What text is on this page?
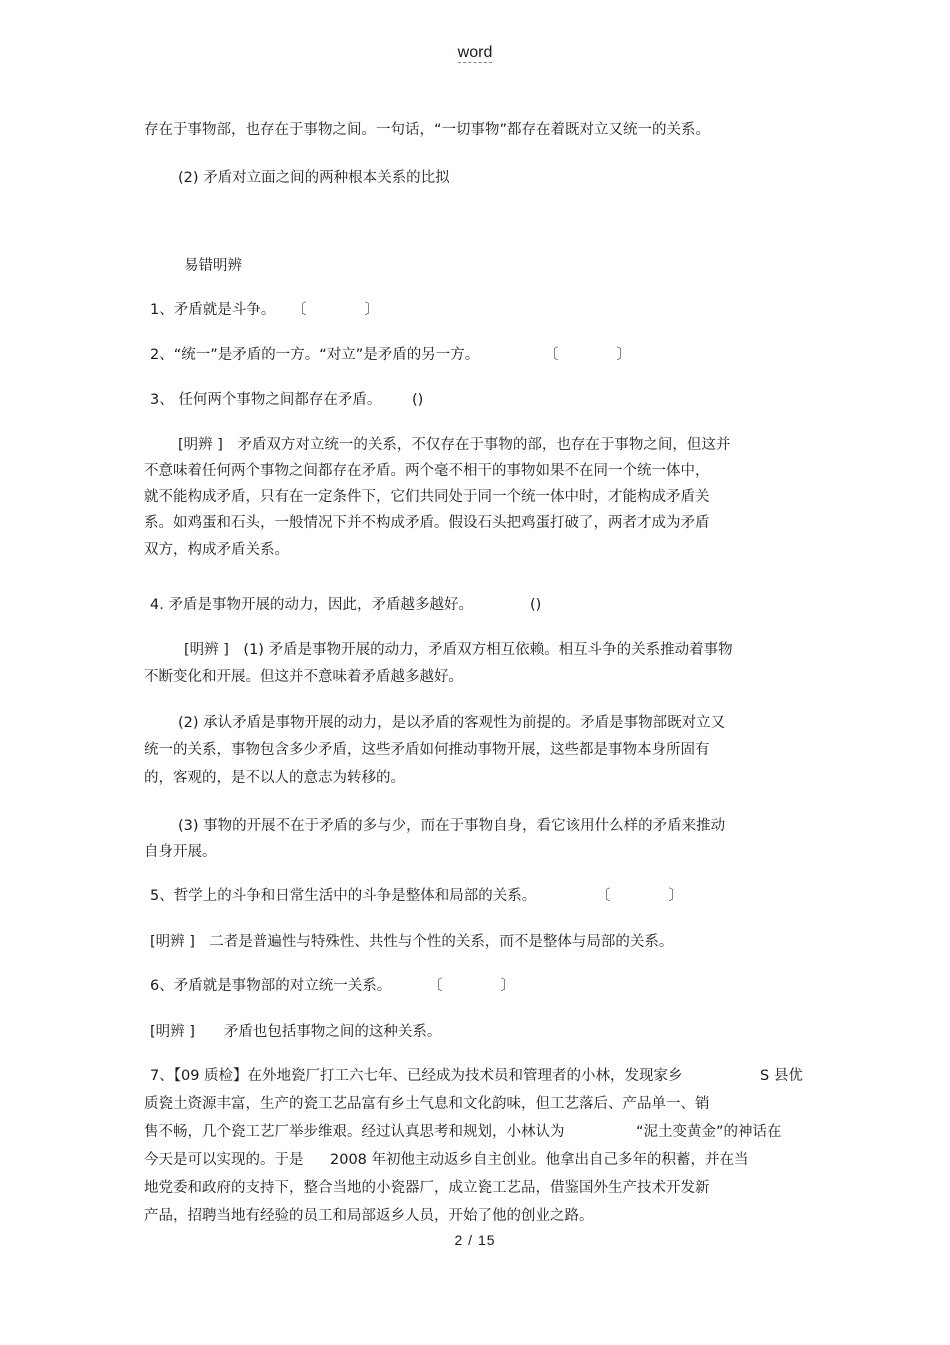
word
存在于事物部，也存在于事物之间。一句话，“一切事物”都存在着既对立又统一的关系。
(2) 矛盾对立面之间的两种根本关系的比拟
易错明辨
1、矛盾就是斗争。 〔　　　　〕
2、“统一”是矛盾的一方。“对立”是矛盾的另一方。	〔　　　　〕
3、 任何两个事物之间都存在矛盾。 ()
[明辨 ]　矛盾双方对立统一的关系，不仅存在于事物的部，也存在于事物之间，但这并
不意味着任何两个事物之间都存在矛盾。两个毫不相干的事物如果不在同一个统一体中，
就不能构成矛盾，只有在一定条件下，它们共同处于同一个统一体中时，才能构成矛盾关
系。如鸡蛋和石头，一般情况下并不构成矛盾。假设石头把鸡蛋打破了，两者才成为矛盾
双方，构成矛盾关系。
4. 矛盾是事物开展的动力，因此，矛盾越多越好。	()
[明辨 ]　(1) 矛盾是事物开展的动力，矛盾双方相互依赖。相互斗争的关系推动着事物
不断变化和开展。但这并不意味着矛盾越多越好。
(2) 承认矛盾是事物开展的动力，是以矛盾的客观性为前提的。矛盾是事物部既对立又
统一的关系，事物包含多少矛盾，这些矛盾如何推动事物开展，这些都是事物本身所固有
的，客观的，是不以人的意志为转移的。
(3) 事物的开展不在于矛盾的多与少，而在于事物自身，看它该用什么样的矛盾来推动
自身开展。
5、哲学上的斗争和日常生活中的斗争是整体和局部的关系。	〔　　　　〕
[明辨 ]　二者是普遍性与特殊性、共性与个性的关系，而不是整体与局部的关系。
6、矛盾就是事物部的对立统一关系。	〔　　　　〕
[明辨 ]　　矛盾也包括事物之间的这种关系。
7、【09 质检】在外地瓷厂打工六七年、已经成为技术员和管理者的小林，发现家乡	S 县优
质瓷土资源丰富，生产的瓷工艺品富有乡土气息和文化韵味，但工艺落后、产品单一、销
售不畅，几个瓷工艺厂举步维艰。经过认真思考和规划，小林认为	“泥土变黄金”的神话在
今天是可以实现的。于是 2008 年初他主动返乡自主创业。他拿出自己多年的积蓄，并在当
地党委和政府的支持下，整合当地的小瓷器厂，成立瓷工艺品，借鉴国外生产技术开发新
产品，招聘当地有经验的员工和局部返乡人员，开始了他的创业之路。
2 / 15
